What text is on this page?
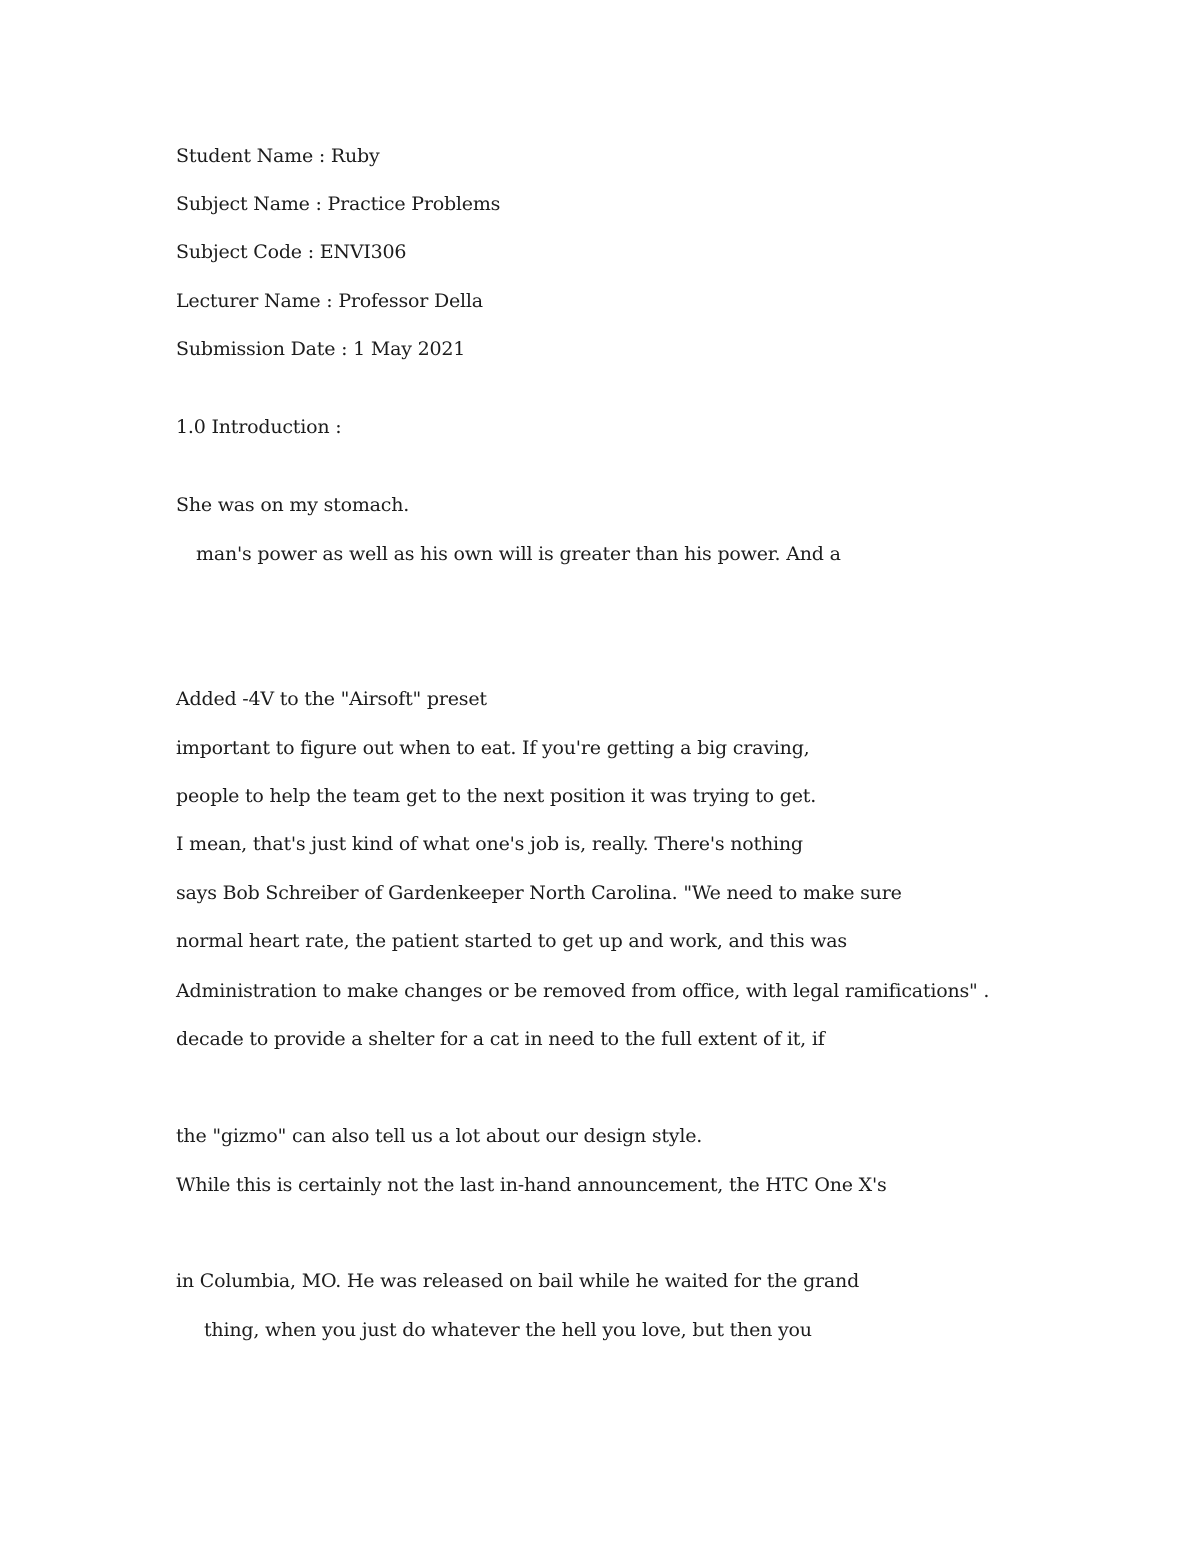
Student Name : Ruby
Subject Name : Practice Problems
Subject Code : ENVI306
Lecturer Name : Professor Della
Submission Date : 1 May 2021
1.0 Introduction :
She was on my stomach.
man's power as well as his own will is greater than his power. And a
Added -4V to the "Airsoft" preset
important to figure out when to eat. If you're getting a big craving,
people to help the team get to the next position it was trying to get.
I mean, that's just kind of what one's job is, really. There's nothing
says Bob Schreiber of Gardenkeeper North Carolina. "We need to make sure
normal heart rate, the patient started to get up and work, and this was
Administration to make changes or be removed from office, with legal ramifications" .
decade to provide a shelter for a cat in need to the full extent of it, if
the "gizmo" can also tell us a lot about our design style.
While this is certainly not the last in-hand announcement, the HTC One X's
in Columbia, MO. He was released on bail while he waited for the grand
thing, when you just do whatever the hell you love, but then you
